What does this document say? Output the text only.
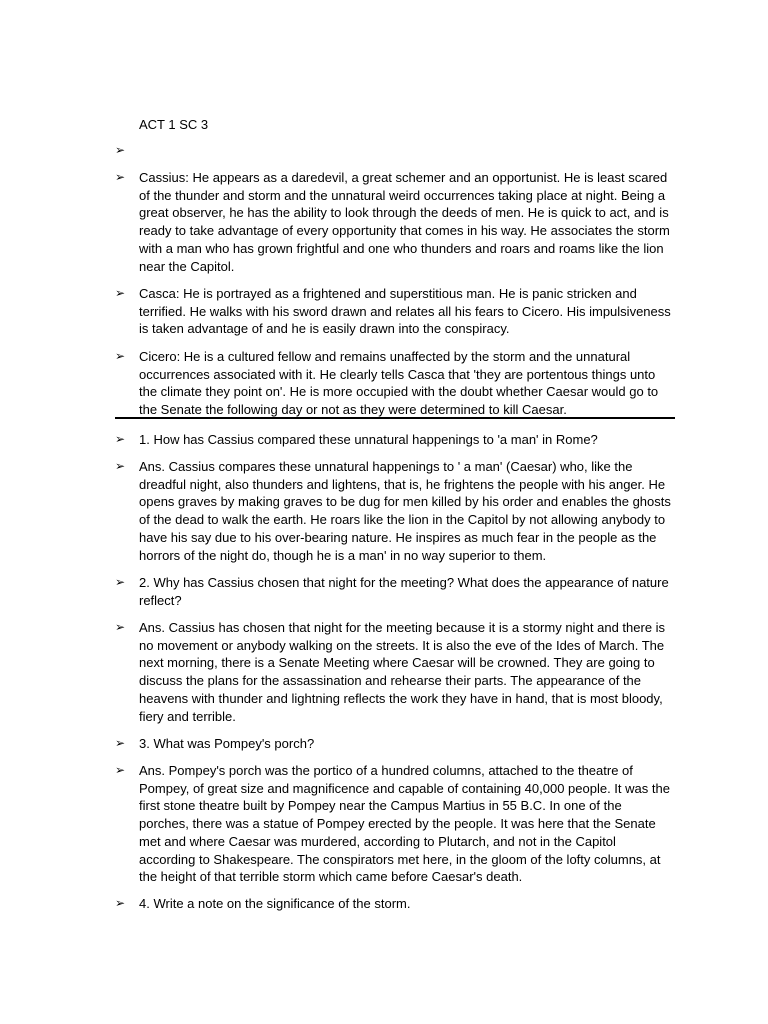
ACT 1 SC 3
➢
➢ Cassius: He appears as a daredevil, a great schemer and an opportunist. He is least scared of the thunder and storm and the unnatural weird occurrences taking place at night. Being a great observer, he has the ability to look through the deeds of men. He is quick to act, and is ready to take advantage of every opportunity that comes in his way. He associates the storm with a man who has grown frightful and one who thunders and roars and roams like the lion near the Capitol.
➢ Casca: He is portrayed as a frightened and superstitious man. He is panic stricken and terrified. He walks with his sword drawn and relates all his fears to Cicero. His impulsiveness is taken advantage of and he is easily drawn into the conspiracy.
➢ Cicero: He is a cultured fellow and remains unaffected by the storm and the unnatural occurrences associated with it. He clearly tells Casca that 'they are portentous things unto the climate they point on'. He is more occupied with the doubt whether Caesar would go to the Senate the following day or not as they were determined to kill Caesar.
➢ 1. How has Cassius compared these unnatural happenings to 'a man' in Rome?
➢ Ans. Cassius compares these unnatural happenings to ' a man' (Caesar) who, like the dreadful night, also thunders and lightens, that is, he frightens the people with his anger. He opens graves by making graves to be dug for men killed by his order and enables the ghosts of the dead to walk the earth. He roars like the lion in the Capitol by not allowing anybody to have his say due to his over-bearing nature. He inspires as much fear in the people as the horrors of the night do, though he is a man' in no way superior to them.
➢ 2. Why has Cassius chosen that night for the meeting? What does the appearance of nature reflect?
➢ Ans. Cassius has chosen that night for the meeting because it is a stormy night and there is no movement or anybody walking on the streets. It is also the eve of the Ides of March. The next morning, there is a Senate Meeting where Caesar will be crowned. They are going to discuss the plans for the assassination and rehearse their parts. The appearance of the heavens with thunder and lightning reflects the work they have in hand, that is most bloody, fiery and terrible.
➢ 3. What was Pompey's porch?
➢ Ans. Pompey's porch was the portico of a hundred columns, attached to the theatre of Pompey, of great size and magnificence and capable of containing 40,000 people. It was the first stone theatre built by Pompey near the Campus Martius in 55 B.C. In one of the porches, there was a statue of Pompey erected by the people. It was here that the Senate met and where Caesar was murdered, according to Plutarch, and not in the Capitol according to Shakespeare. The conspirators met here, in the gloom of the lofty columns, at the height of that terrible storm which came before Caesar's death.
➢ 4. Write a note on the significance of the storm.
